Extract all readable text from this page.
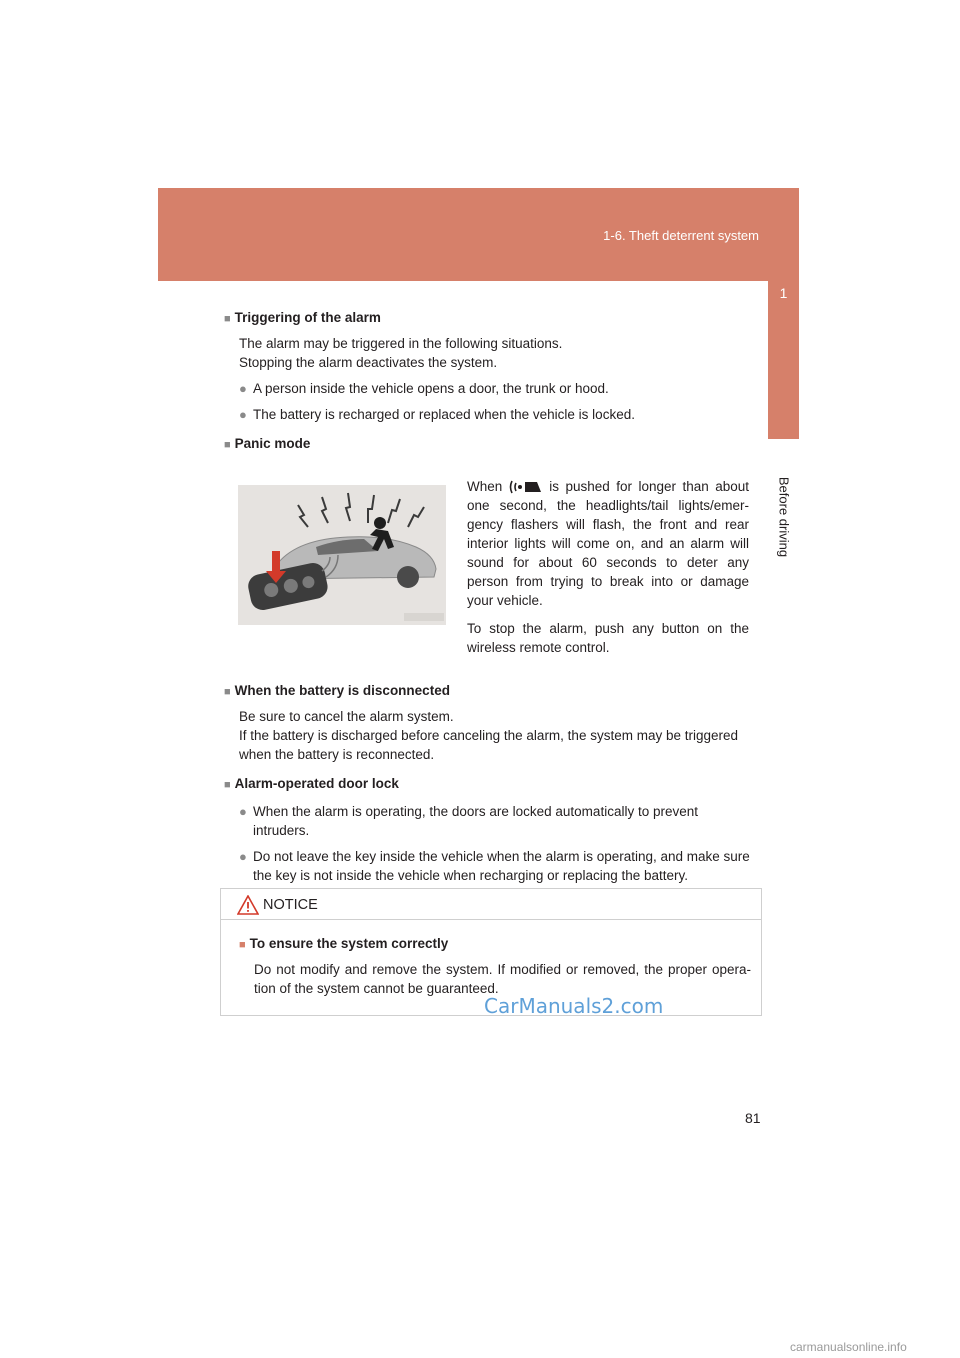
1-6. Theft deterrent system
1
Before driving
■ Triggering of the alarm
The alarm may be triggered in the following situations.
Stopping the alarm deactivates the system.
● A person inside the vehicle opens a door, the trunk or hood.
● The battery is recharged or replaced when the vehicle is locked.
■ Panic mode

When	is pushed for longer than about one second, the headlights/tail lights/emer-gency flashers will flash, the front and rear interior lights will come on, and an alarm will sound for about 60 seconds to deter any person from trying to break into or damage your vehicle.

To stop the alarm, push any button on the wireless remote control.

■ When the battery is disconnected
Be sure to cancel the alarm system.
If the battery is discharged before canceling the alarm, the system may be triggered when the battery is reconnected.
■ Alarm-operated door lock
● When the alarm is operating, the doors are locked automatically to prevent intruders.
● Do not leave the key inside the vehicle when the alarm is operating, and make sure the key is not inside the vehicle when recharging or replacing the battery.
NOTICE
■ To ensure the system correctly
Do not modify and remove the system. If modified or removed, the proper opera-tion of the system cannot be guaranteed.
CarManuals2.com
81
carmanualsonline.info
